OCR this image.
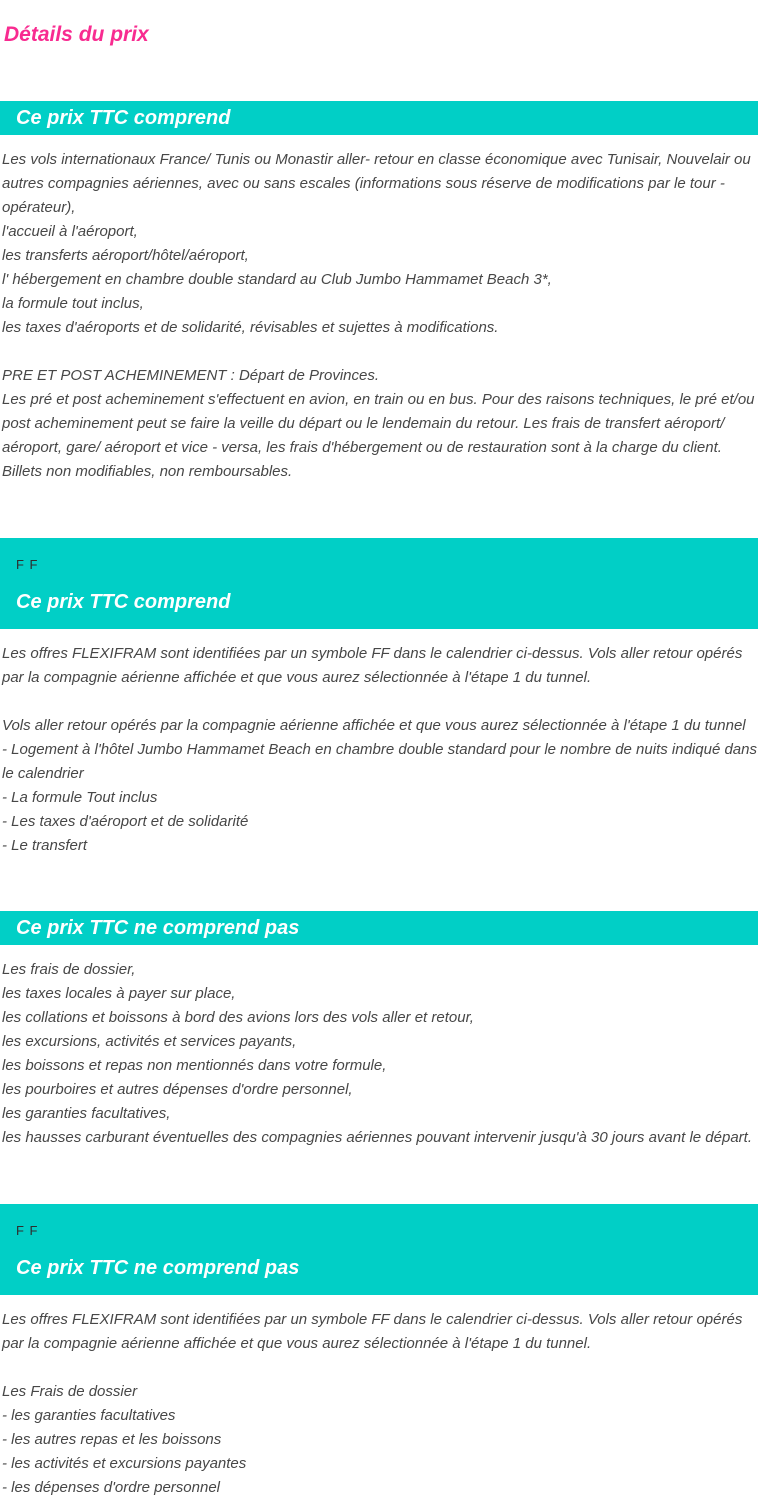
Détails du prix
Ce prix TTC comprend

Les vols internationaux France/ Tunis ou Monastir aller- retour en classe économique avec Tunisair, Nouvelair ou autres compagnies aériennes, avec ou sans escales (informations sous réserve de modifications par le tour - opérateur),

l'accueil à l'aéroport,

les transferts aéroport/hôtel/aéroport,

l' hébergement en chambre double standard au Club Jumbo Hammamet Beach 3*,

la formule tout inclus,

les taxes d'aéroports et de solidarité, révisables et sujettes à modifications.

PRE ET POST ACHEMINEMENT : Départ de Provinces.

Les pré et post acheminement s'effectuent en avion, en train ou en bus. Pour des raisons techniques, le pré et/ou post acheminement peut se faire la veille du départ ou le lendemain du retour. Les frais de transfert aéroport/ aéroport, gare/ aéroport et vice - versa, les frais d'hébergement ou de restauration sont à la charge du client. Billets non modifiables, non remboursables.

F F
Ce prix TTC comprend

Les offres FLEXIFRAM sont identifiées par un symbole FF dans le calendrier ci-dessus. Vols aller retour opérés par la compagnie aérienne affichée et que vous aurez sélectionnée à l'étape 1 du tunnel.

Vols aller retour opérés par la compagnie aérienne affichée et que vous aurez sélectionnée à l'étape 1 du tunnel

- Logement à l'hôtel Jumbo Hammamet Beach en chambre double standard pour le nombre de nuits indiqué dans le calendrier

- La formule Tout inclus

- Les taxes d'aéroport et de solidarité

- Le transfert

Ce prix TTC ne comprend pas

Les frais de dossier,

les taxes locales à payer sur place,

les collations et boissons à bord des avions lors des vols aller et retour,

les excursions, activités et services payants,

les boissons et repas non mentionnés dans votre formule,

les pourboires et autres dépenses d'ordre personnel,

les garanties facultatives,

les hausses carburant éventuelles des compagnies aériennes pouvant intervenir jusqu'à 30 jours avant le départ.

F F
Ce prix TTC ne comprend pas

Les offres FLEXIFRAM sont identifiées par un symbole FF dans le calendrier ci-dessus. Vols aller retour opérés par la compagnie aérienne affichée et que vous aurez sélectionnée à l'étape 1 du tunnel.

Les Frais de dossier

- les garanties facultatives

- les autres repas et les boissons

- les activités et excursions payantes

- les dépenses d'ordre personnel
